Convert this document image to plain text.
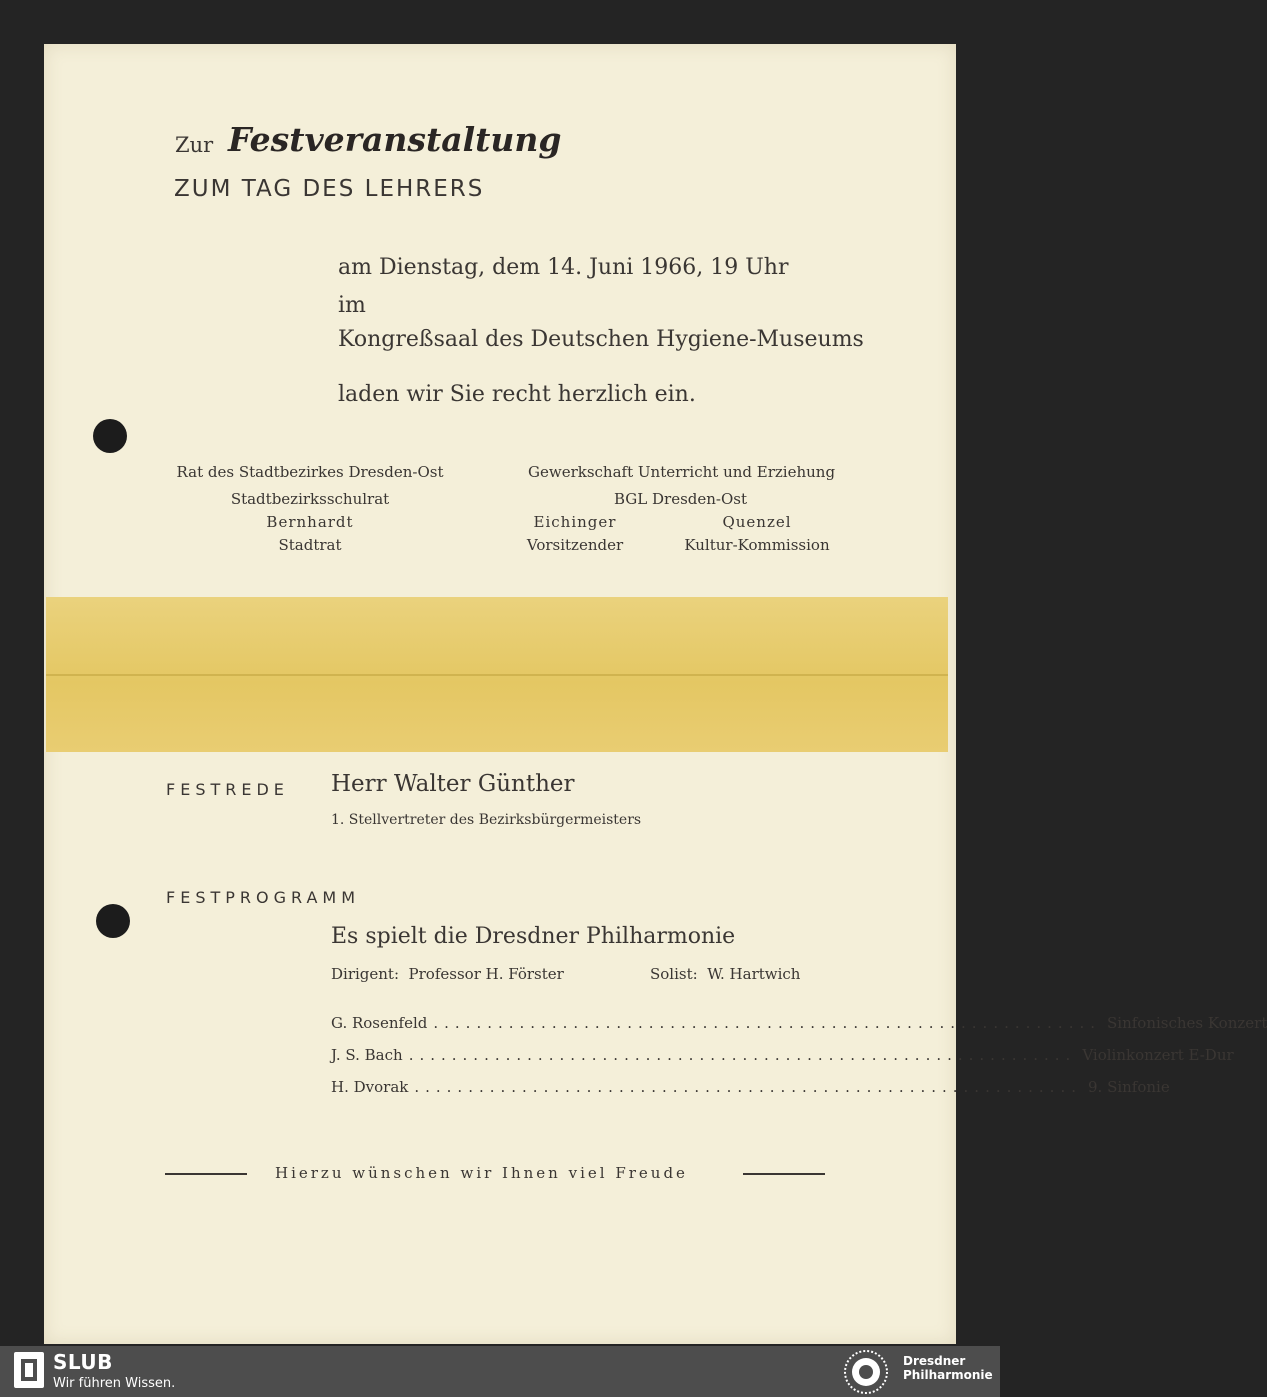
Zur Festveranstaltung
ZUM TAG DES LEHRERS
am Dienstag, dem 14. Juni 1966, 19 Uhr
im
Kongreßsaal des Deutschen Hygiene-Museums
laden wir Sie recht herzlich ein.
Rat des Stadtbezirkes Dresden-Ost
Stadtbezirksschulrat
Bernhardt
Stadtrat
Gewerkschaft Unterricht und Erziehung
BGL Dresden-Ost
Eichinger
Vorsitzender
Quenzel
Kultur-Kommission
FESTREDE Herr Walter Günther
1. Stellvertreter des Bezirksbürgermeisters
FESTPROGRAMM
Es spielt die Dresdner Philharmonie
Dirigent:  Professor H. Förster	Solist:  W. Hartwich
G. Rosenfeld .............................................................. Sinfonisches Konzert
J. S. Bach .............................................................. Violinkonzert E-Dur
H. Dvorak .............................................................. 9. Sinfonie
Hierzu wünschen wir Ihnen viel Freude
SLUB
Wir führen Wissen.
Dresdner
Philharmonie
